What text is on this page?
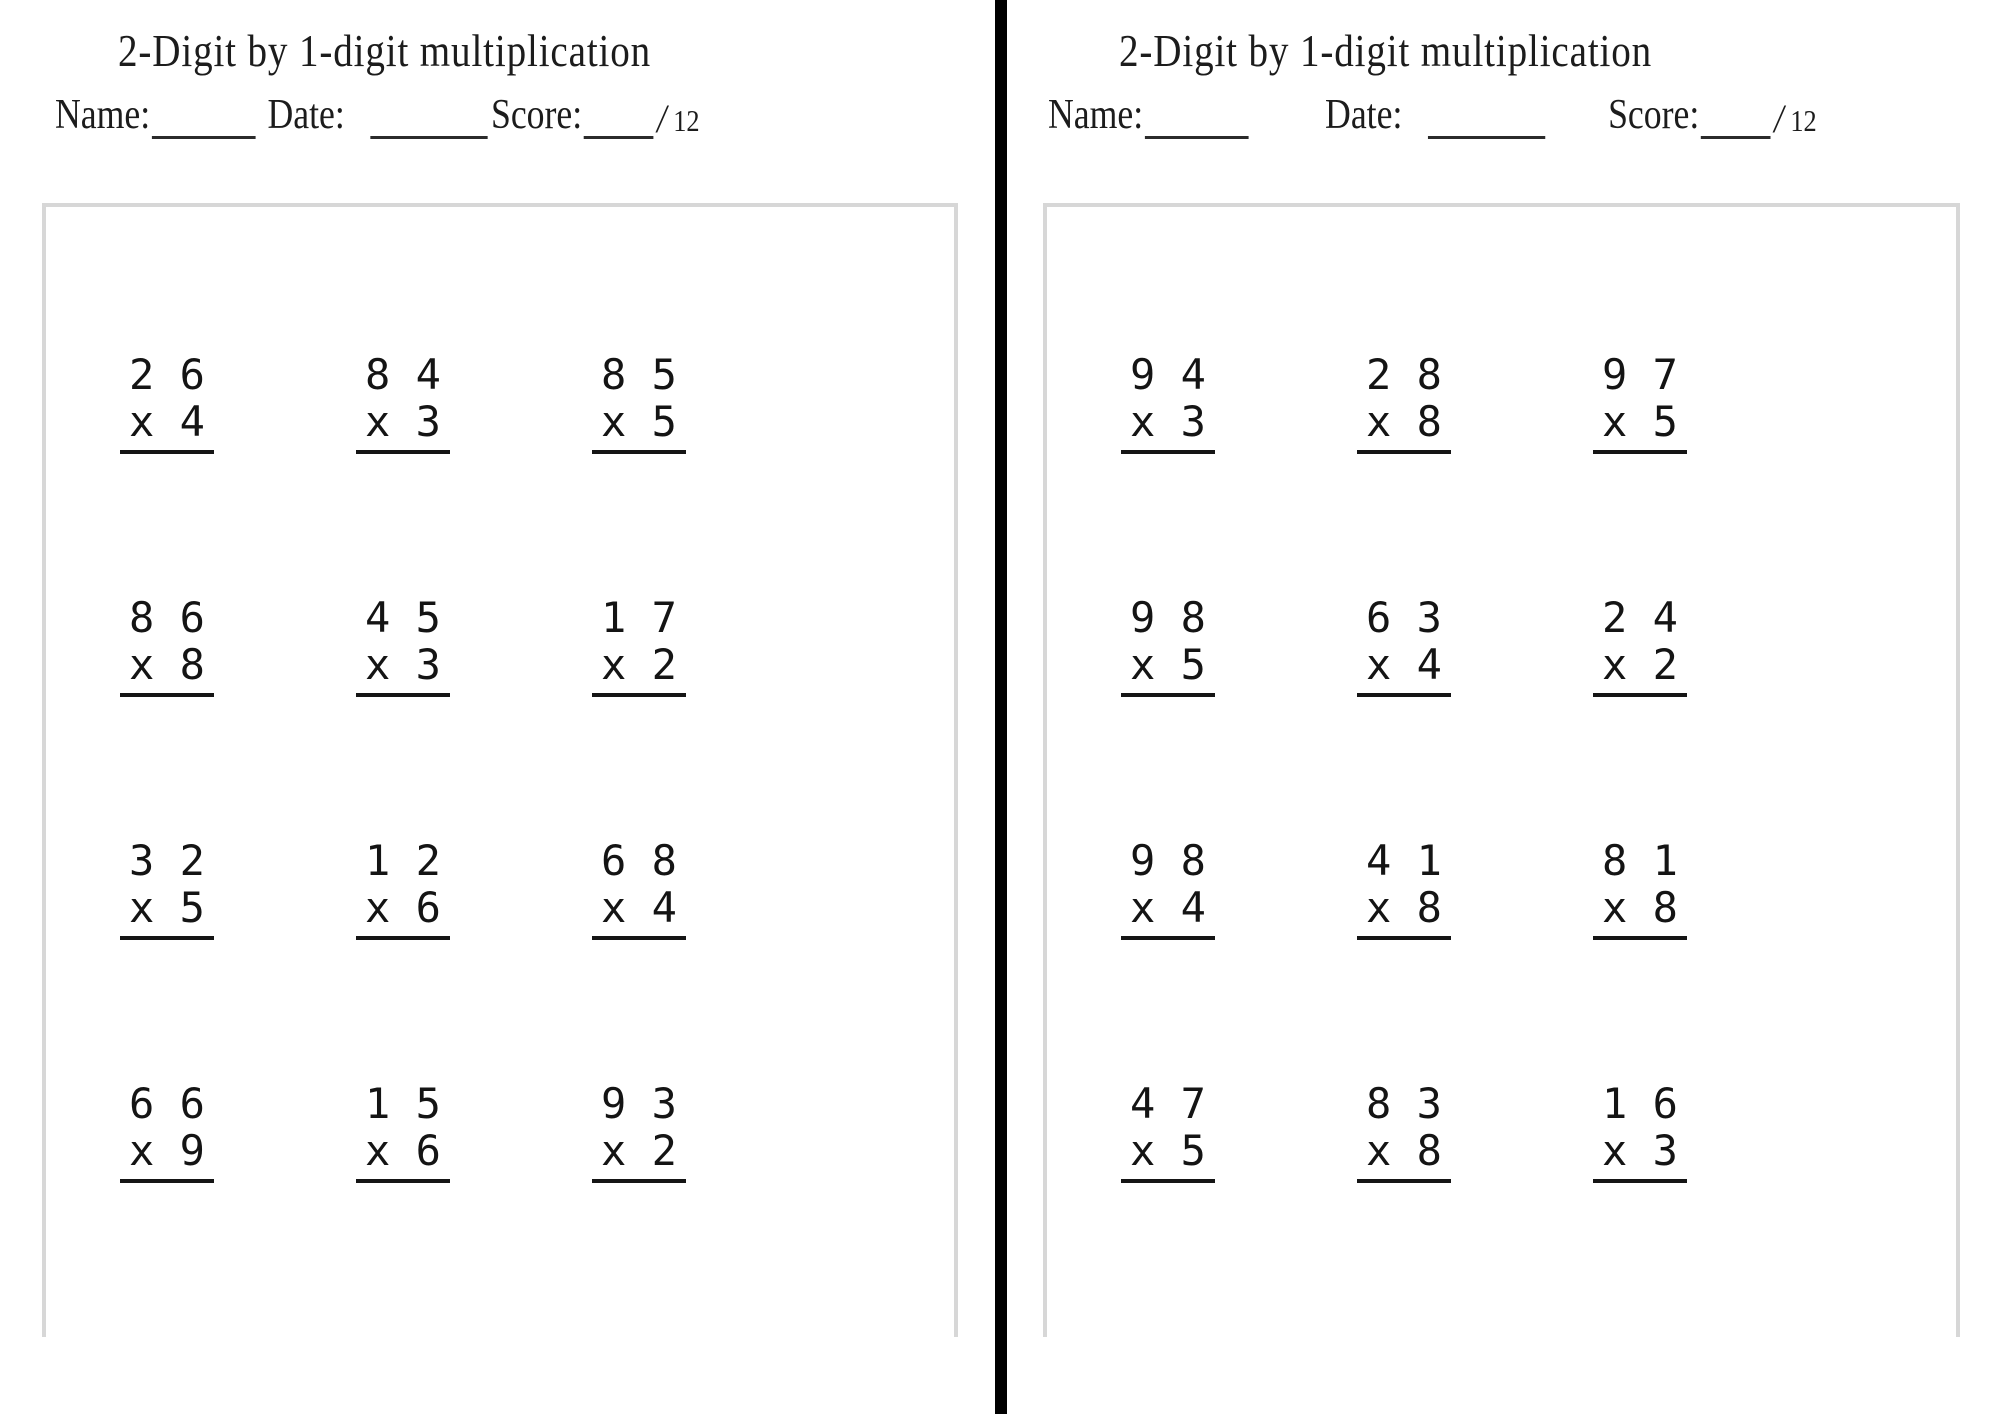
2-Digit by 1-digit multiplication
Name:	Date:	Score: / 12
2 6
x 4
8 4
x 3
8 5
x 5
8 6
x 8
4 5
x 3
1 7
x 2
3 2
x 5
1 2
x 6
6 8
x 4
6 6
x 9
1 5
x 6
9 3
x 2
2-Digit by 1-digit multiplication
Name:	Date:	Score: / 12
9 4
x 3
2 8
x 8
9 7
x 5
9 8
x 5
6 3
x 4
2 4
x 2
9 8
x 4
4 1
x 8
8 1
x 8
4 7
x 5
8 3
x 8
1 6
x 3
